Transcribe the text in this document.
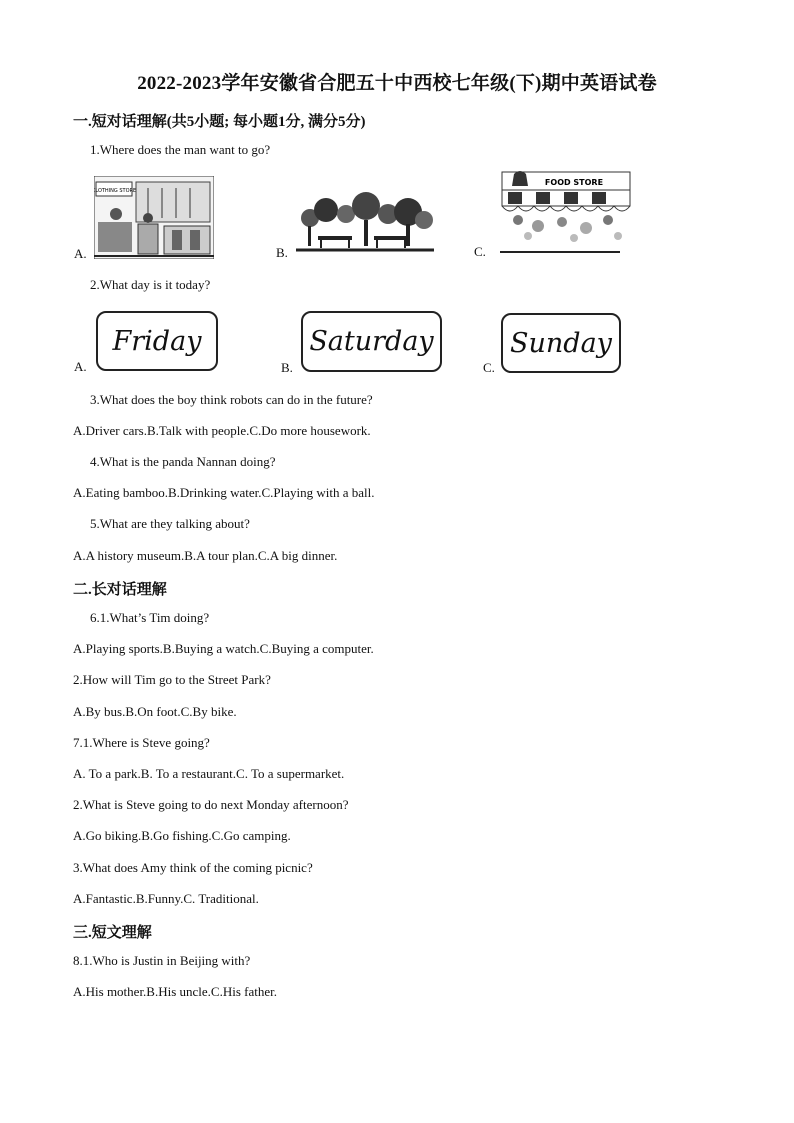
2022-2023学年安徽省合肥五十中西校七年级(下)期中英语试卷
一.短对话理解(共5小题; 每小题1分, 满分5分)
1.Where does the man want to go?
A.
CLOTHING STORE
B.	C.
FOOD STORE
2.What day is it today?
A.
Friday
B.
Saturday
C.
Sunday
3.What does the boy think robots can do in the future?
A.Driver cars.B.Talk with people.C.Do more housework.
4.What is the panda Nannan doing?
A.Eating bamboo.B.Drinking water.C.Playing with a ball.
5.What are they talking about?
A.A history museum.B.A tour plan.C.A big dinner.
二.长对话理解
6.1.What’s Tim doing?
A.Playing sports.B.Buying a watch.C.Buying a computer.
2.How will Tim go to the Street Park?
A.By bus.B.On foot.C.By bike.
7.1.Where is Steve going?
A. To a park.B. To a restaurant.C. To a supermarket.
2.What is Steve going to do next Monday afternoon?
A.Go biking.B.Go fishing.C.Go camping.
3.What does Amy think of the coming picnic?
A.Fantastic.B.Funny.C. Traditional.
三.短文理解
8.1.Who is Justin in Beijing with?
A.His mother.B.His uncle.C.His father.
